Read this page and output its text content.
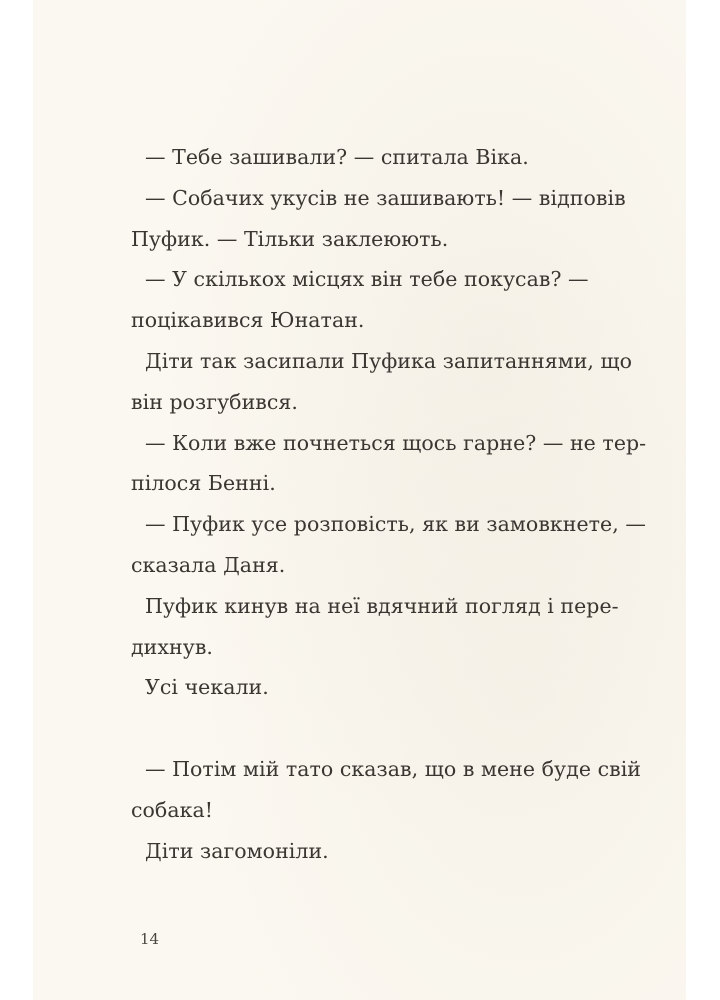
— Тебе зашивали? — спитала Віка.
— Собачих укусів не зашивають! — відповів
Пуфик. — Тільки заклеюють.
— У скількох місцях він тебе покусав? —
поцікавився Юнатан.
Діти так засипали Пуфика запитаннями, що
він розгубився.
— Коли вже почнеться щось гарне? — не тер-
пілося Бенні.
— Пуфик усе розповість, як ви замовкнете, —
сказала Даня.
Пуфик кинув на неї вдячний погляд і пере-
дихнув.
Усі чекали.
— Потім мій тато сказав, що в мене буде свій
собака!
Діти загомоніли.
14
